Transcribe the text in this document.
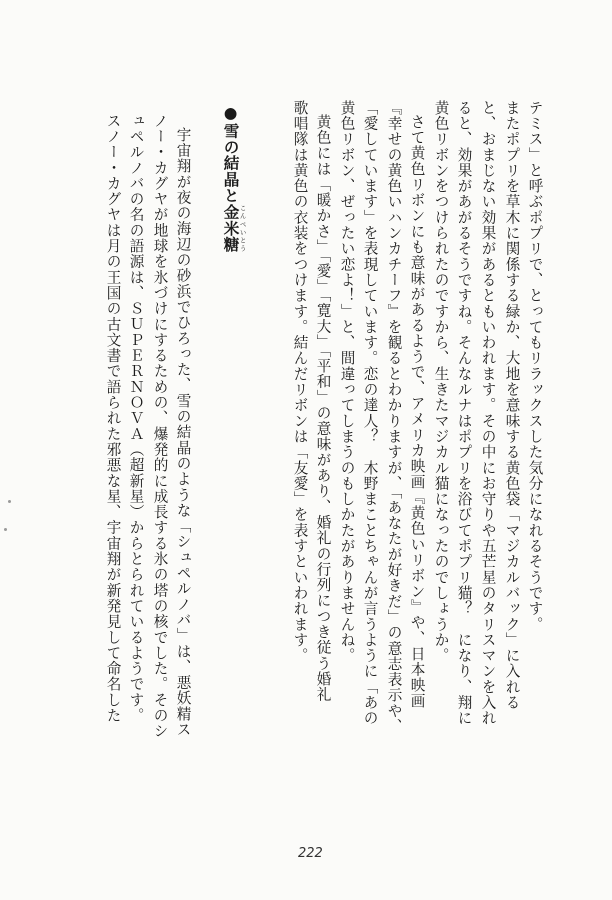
テミス」と呼ぶポプリで、とってもリラックスした気分になれるそうです。
またポプリを草木に関係する緑か、大地を意味する黄色袋「マジカルバック」に入れる
と、おまじない効果があるともいわれます。その中にお守りや五芒星のタリスマンを入れ
ると、効果があがるそうですね。そんなルナはポプリを浴びてポプリ猫？　になり、翔に
黄色リボンをつけられたのですから、生きたマジカル猫になったのでしょうか。
さて黄色リボンにも意味があるようで、アメリカ映画『黄色いリボン』や、日本映画
『幸せの黄色いハンカチーフ』を観るとわかりますが、「あなたが好きだ」の意志表示や、
「愛しています」を表現しています。恋の達人？　木野まことちゃんが言うように「あの
黄色リボン、ぜったい恋よ！」と、間違ってしまうのもしかたがありませんね。
黄色には「暖かさ」「愛」「寛大」「平和」の意味があり、婚礼の行列につき従う婚礼
歌唱隊は黄色の衣装をつけます。結んだリボンは「友愛」を表すといわれます。
●雪の結晶と金米糖 こんぺいとう
宇宙翔が夜の海辺の砂浜でひろった、雪の結晶のような「シュペルノバ」は、悪妖精ス
ノー・カグヤが地球を氷づけにするための、爆発的に成長する氷の塔の核でした。そのシ
ュペルノバの名の語源は、ＳＵＰＥＲＮＯＶＡ（超新星）からとられているようです。
スノー・カグヤは月の王国の古文書で語られた邪悪な星、宇宙翔が新発見して命名した
222
